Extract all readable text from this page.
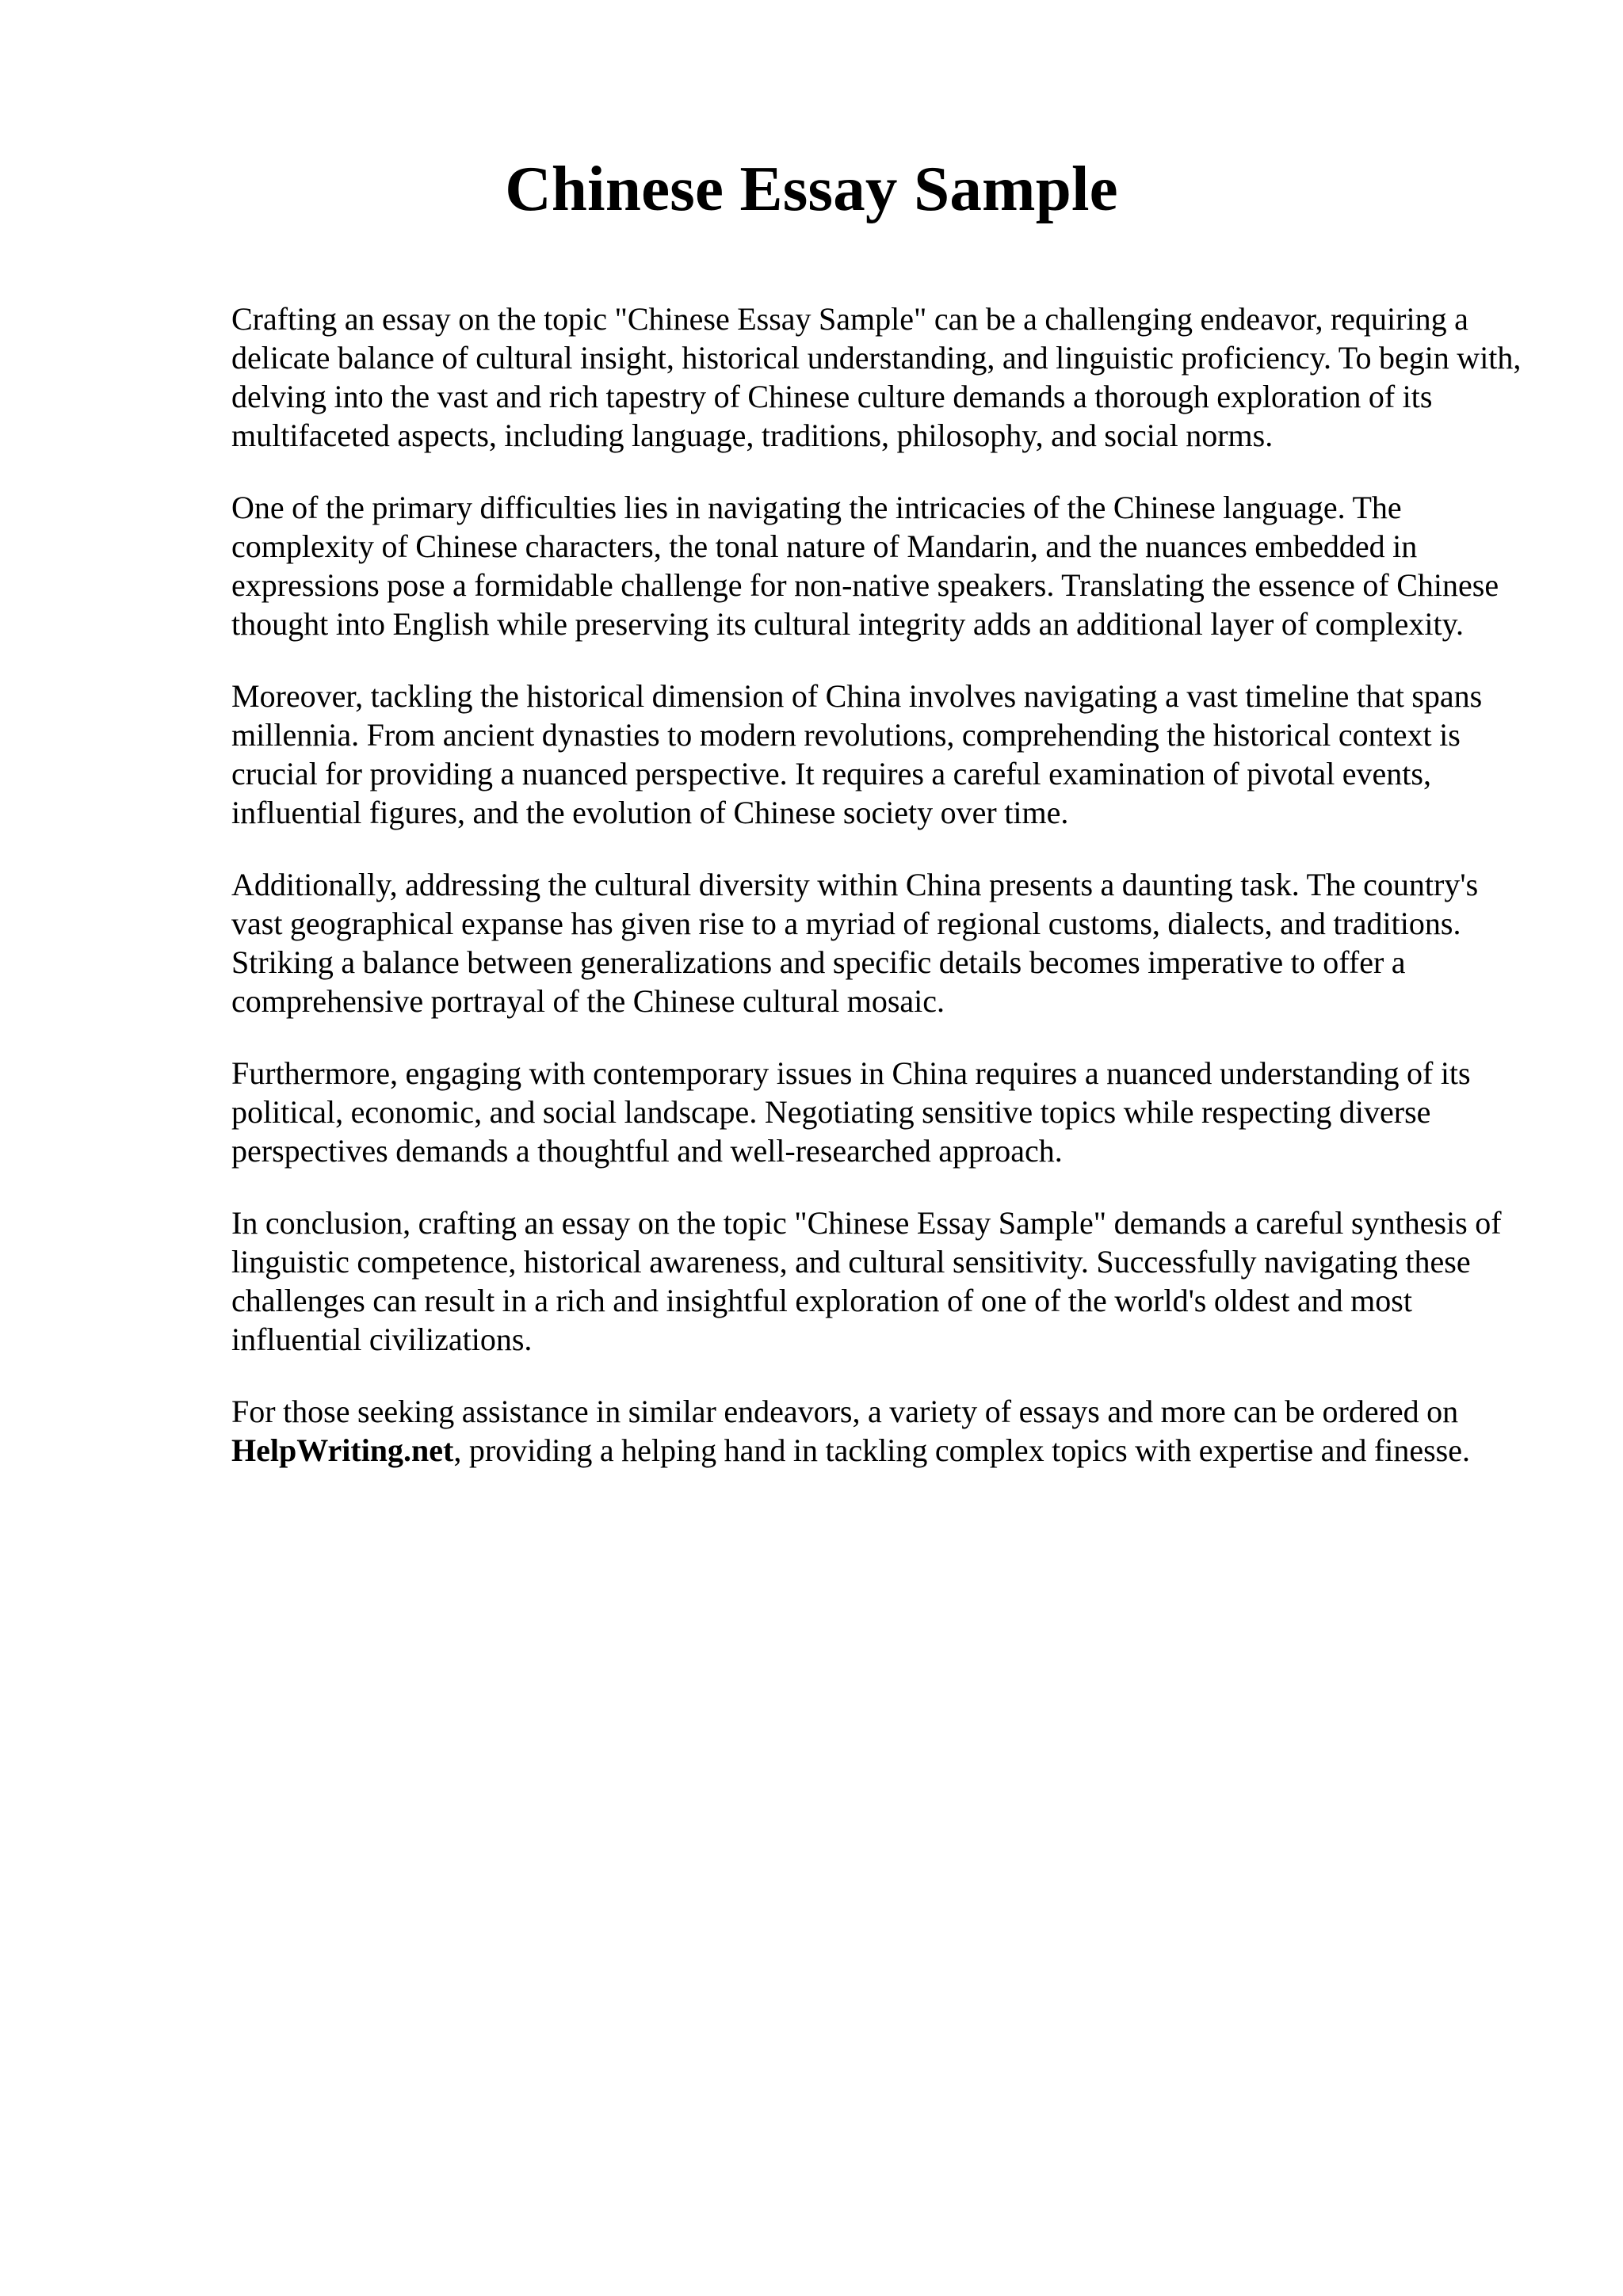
Chinese Essay Sample

Crafting an essay on the topic "Chinese Essay Sample" can be a challenging endeavor, requiring a delicate balance of cultural insight, historical understanding, and linguistic proficiency. To begin with, delving into the vast and rich tapestry of Chinese culture demands a thorough exploration of its multifaceted aspects, including language, traditions, philosophy, and social norms.

One of the primary difficulties lies in navigating the intricacies of the Chinese language. The complexity of Chinese characters, the tonal nature of Mandarin, and the nuances embedded in expressions pose a formidable challenge for non-native speakers. Translating the essence of Chinese thought into English while preserving its cultural integrity adds an additional layer of complexity.

Moreover, tackling the historical dimension of China involves navigating a vast timeline that spans millennia. From ancient dynasties to modern revolutions, comprehending the historical context is crucial for providing a nuanced perspective. It requires a careful examination of pivotal events, influential figures, and the evolution of Chinese society over time.

Additionally, addressing the cultural diversity within China presents a daunting task. The country's vast geographical expanse has given rise to a myriad of regional customs, dialects, and traditions. Striking a balance between generalizations and specific details becomes imperative to offer a comprehensive portrayal of the Chinese cultural mosaic.

Furthermore, engaging with contemporary issues in China requires a nuanced understanding of its political, economic, and social landscape. Negotiating sensitive topics while respecting diverse perspectives demands a thoughtful and well-researched approach.

In conclusion, crafting an essay on the topic "Chinese Essay Sample" demands a careful synthesis of linguistic competence, historical awareness, and cultural sensitivity. Successfully navigating these challenges can result in a rich and insightful exploration of one of the world's oldest and most influential civilizations.

For those seeking assistance in similar endeavors, a variety of essays and more can be ordered on HelpWriting.net, providing a helping hand in tackling complex topics with expertise and finesse.
